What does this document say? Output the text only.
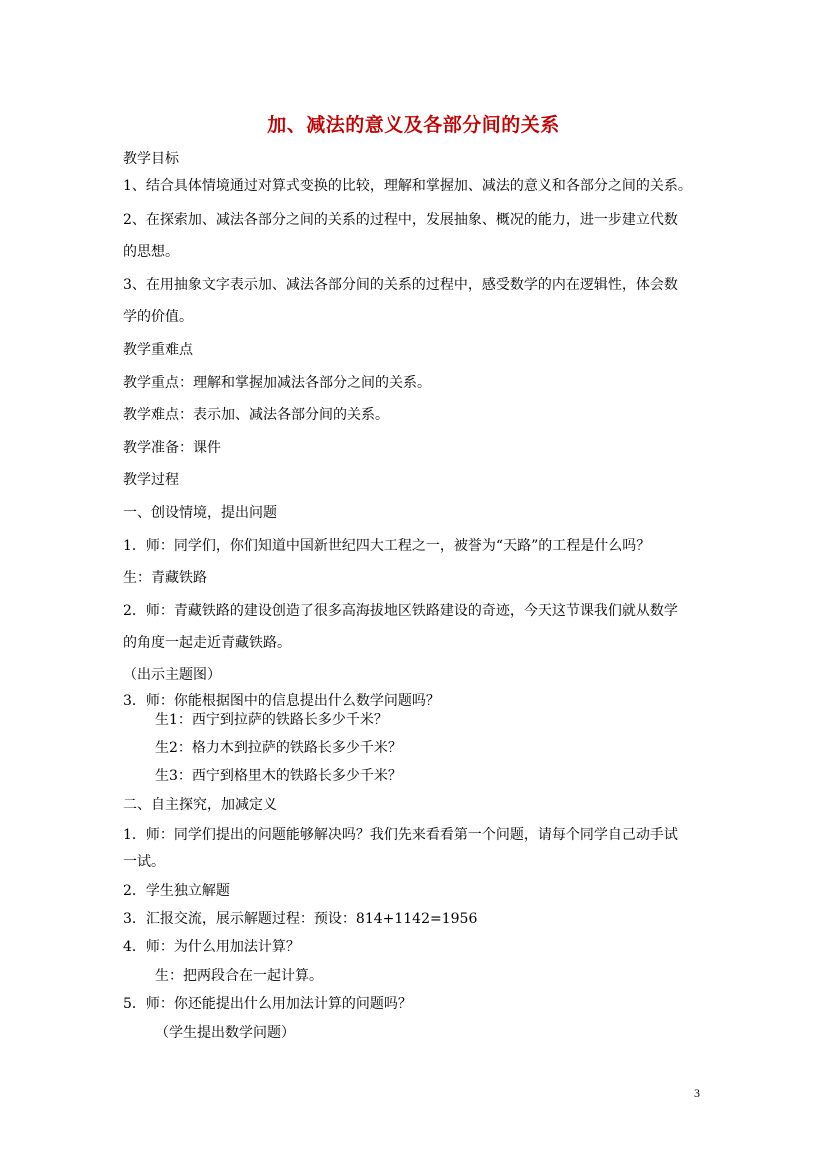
加、减法的意义及各部分间的关系
教学目标
1、结合具体情境通过对算式变换的比较，理解和掌握加、减法的意义和各部分之间的关系。
2、在探索加、减法各部分之间的关系的过程中，发展抽象、概况的能力，进一步建立代数
的思想。
3、在用抽象文字表示加、减法各部分间的关系的过程中，感受数学的内在逻辑性，体会数
学的价值。
教学重难点
教学重点：理解和掌握加减法各部分之间的关系。
教学难点：表示加、减法各部分间的关系。
教学准备：课件
教学过程
一、创设情境，提出问题
1．师：同学们，你们知道中国新世纪四大工程之一，被誉为“天路”的工程是什么吗？
生：青藏铁路
2．师：青藏铁路的建设创造了很多高海拔地区铁路建设的奇迹，今天这节课我们就从数学
的角度一起走近青藏铁路。
（出示主题图）
3．师：你能根据图中的信息提出什么数学问题吗？
生1：西宁到拉萨的铁路长多少千米？
生2：格力木到拉萨的铁路长多少千米？
生3：西宁到格里木的铁路长多少千米？
二、自主探究，加减定义
1．师：同学们提出的问题能够解决吗？我们先来看看第一个问题，请每个同学自己动手试
一试。
2．学生独立解题
3．汇报交流，展示解题过程：预设：814+1142=1956
4．师：为什么用加法计算？
生：把两段合在一起计算。
5．师：你还能提出什么用加法计算的问题吗？
（学生提出数学问题）
3
